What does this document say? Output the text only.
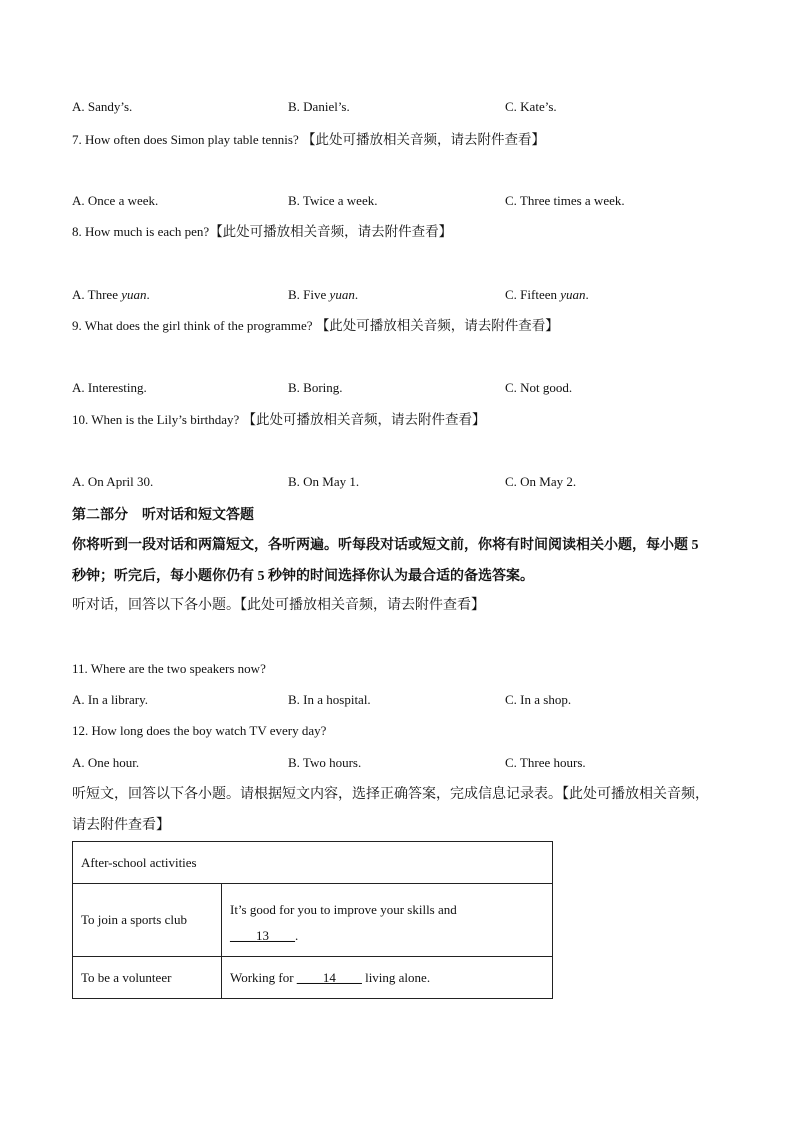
A. Sandy’s.	B. Daniel’s.	C. Kate’s.
7. How often does Simon play table tennis? 【此处可播放相关音频，请去附件查看】
A. Once a week.	B. Twice a week.	C. Three times a week.
8. How much is each pen?【此处可播放相关音频，请去附件查看】
A. Three yuan.	B. Five yuan.	C. Fifteen yuan.
9. What does the girl think of the programme? 【此处可播放相关音频，请去附件查看】
A. Interesting.	B. Boring.	C. Not good.
10. When is the Lily’s birthday? 【此处可播放相关音频，请去附件查看】
A. On April 30.	B. On May 1.	C. On May 2.
第二部分　听对话和短文答题
你将听到一段对话和两篇短文，各听两遍。听每段对话或短文前，你将有时间阅读相关小题，每小题 5 秒钟；听完后，每小题你仍有 5 秒钟的时间选择你认为最合适的备选答案。
听对话，回答以下各小题。【此处可播放相关音频，请去附件查看】
11. Where are the two speakers now?
A. In a library.	B. In a hospital.	C. In a shop.
12. How long does the boy watch TV every day?
A. One hour.	B. Two hours.	C. Three hours.
听短文，回答以下各小题。请根据短文内容，选择正确答案，完成信息记录表。【此处可播放相关音频，请去附件查看】
After-school activities	
To join a sports club	It’s good for you to improve your skills and
____13____.

To be a volunteer	Working for ____14____ living alone.
